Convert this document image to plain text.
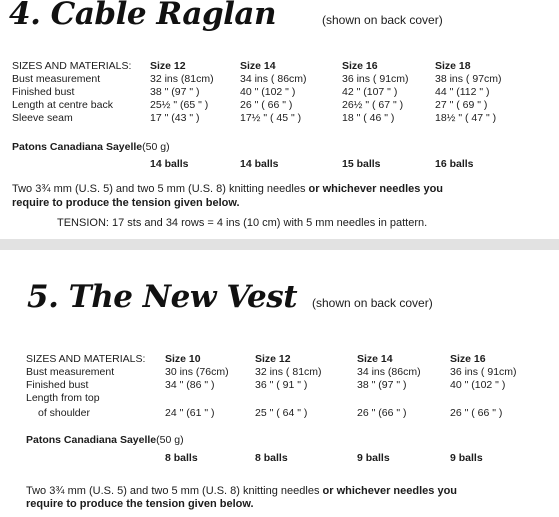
4. Cable Raglan	(shown on back cover)
SIZES AND MATERIALS: Size 12	Size 14	Size 16	Size 18
Bust measurement	32 ins (81cm)	34 ins ( 86cm)	36 ins ( 91cm)	38 ins ( 97cm)
Finished bust	38 " (97 " )	40 " (102 " )	42 " (107 " )	44 " (112 " )
Length at centre back	25½ " (65 " )	26 " ( 66 " )	26½ " ( 67 " )	27 " ( 69 " )
Sleeve seam	17 " (43 " )	17½ " ( 45 " )	18 " ( 46 " )	18½ " ( 47 " )
Patons Canadiana Sayelle(50 g)
14 balls	14 balls	15 balls	16 balls
Two 3¾ mm (U.S. 5) and two 5 mm (U.S. 8) knitting needles or whichever needles you
require to produce the tension given below.
TENSION: 17 sts and 34 rows = 4 ins (10 cm) with 5 mm needles in pattern.
5. The New Vest (shown on back cover)
SIZES AND MATERIALS: Size 10	Size 12	Size 14	Size 16
Bust measurement	30 ins (76cm)	32 ins ( 81cm)	34 ins (86cm)	36 ins ( 91cm)
Finished bust	34 " (86 " )	36 " ( 91 " )	38 " (97 " )	40 " (102 " )
Length from top
of shoulder	24 " (61 " )	25 " ( 64 " )	26 " (66 " )	26 " ( 66 " )
Patons Canadiana Sayelle(50 g)
8 balls	8 balls	9 balls	9 balls
Two 3¾ mm (U.S. 5) and two 5 mm (U.S. 8) knitting needles or whichever needles you
require to produce the tension given below.
